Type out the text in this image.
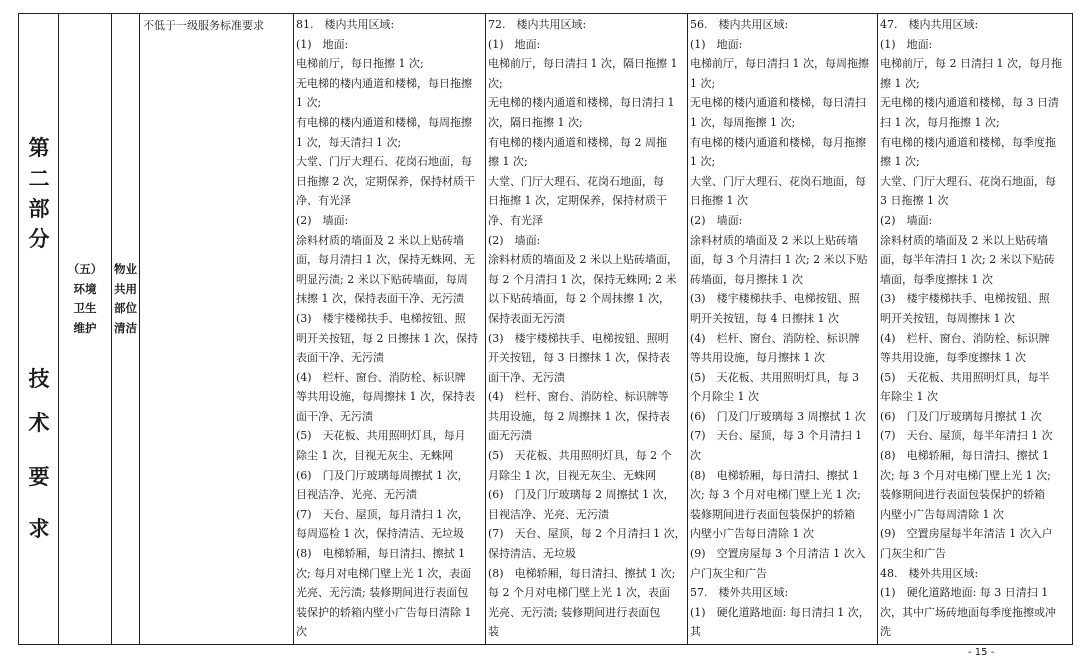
第
二
部
分
技
术
要
求
（五）
环境
卫生
维护
物业
共用
部位
清洁
不低于一级服务标准要求	81.　楼内共用区域:
(1)　地面:
电梯前厅，每日拖擦 1 次;
无电梯的楼内通道和楼梯，每日拖擦
1 次;
有电梯的楼内通道和楼梯，每周拖擦
1 次，每天清扫 1 次;
大堂、门厅大理石、花岗石地面，每
日拖擦 2 次，定期保养，保持材质干
净、有光泽
(2)　墙面:
涂料材质的墙面及 2 米以上贴砖墙
面，每月清扫 1 次，保持无蛛网、无
明显污渍; 2 米以下贴砖墙面，每周
抹擦 1 次，保持表面干净、无污渍
(3)　楼宇楼梯扶手、电梯按钮、照
明开关按钮，每 2 日擦抹 1 次，保持
表面干净、无污渍
(4)　栏杆、窗台、消防栓、标识牌
等共用设施，每周擦抹 1 次，保持表
面干净、无污渍
(5)　天花板、共用照明灯具，每月
除尘 1 次，目视无灰尘、无蛛网
(6)　门及门厅玻璃每周擦拭 1 次，
目视洁净、光亮、无污渍
(7)　天台、屋顶，每月清扫 1 次，
每周巡检 1 次，保持清洁、无垃圾
(8)　电梯轿厢，每日清扫、擦拭 1
次; 每月对电梯门壁上光 1 次，表面
光亮、无污渍; 装修期间进行表面包
装保护的轿箱内壁小广告每日清除 1
次
72.　楼内共用区域:
(1)　地面:
电梯前厅，每日清扫 1 次，隔日拖擦 1
次;
无电梯的楼内通道和楼梯，每日清扫 1
次，隔日拖擦 1 次;
有电梯的楼内通道和楼梯，每 2 周拖
擦 1 次;
大堂、门厅大理石、花岗石地面，每
日拖擦 1 次，定期保养，保持材质干
净、有光泽
(2)　墙面:
涂料材质的墙面及 2 米以上贴砖墙面，
每 2 个月清扫 1 次，保持无蛛网; 2 米
以下贴砖墙面，每 2 个周抹擦 1 次，
保持表面无污渍
(3)　楼宇楼梯扶手、电梯按钮、照明
开关按钮，每 3 日擦抹 1 次，保持表
面干净、无污渍
(4)　栏杆、窗台、消防栓、标识牌等
共用设施，每 2 周擦抹 1 次，保持表
面无污渍
(5)　天花板、共用照明灯具，每 2 个
月除尘 1 次，目视无灰尘、无蛛网
(6)　门及门厅玻璃每 2 周擦拭 1 次，
目视洁净、光亮、无污渍
(7)　天台、屋顶，每 2 个月清扫 1 次，
保持清洁、无垃圾
(8)　电梯轿厢，每日清扫、擦拭 1 次;
每 2 个月对电梯门壁上光 1 次，表面
光亮、无污渍; 装修期间进行表面包
装
56.　楼内共用区域:
(1)　地面:
电梯前厅，每日清扫 1 次，每周拖擦
1 次;
无电梯的楼内通道和楼梯，每日清扫
1 次，每周拖擦 1 次;
有电梯的楼内通道和楼梯，每月拖擦
1 次;
大堂、门厅大理石、花岗石地面，每
日拖擦 1 次
(2)　墙面:
涂料材质的墙面及 2 米以上贴砖墙
面，每 3 个月清扫 1 次; 2 米以下贴
砖墙面，每月擦抹 1 次
(3)　楼宇楼梯扶手、电梯按钮、照
明开关按钮，每 4 日擦抹 1 次
(4)　栏杆、窗台、消防栓、标识牌
等共用设施，每月擦抹 1 次
(5)　天花板、共用照明灯具，每 3
个月除尘 1 次
(6)　门及门厅玻璃每 3 周擦拭 1 次
(7)　天台、屋顶，每 3 个月清扫 1
次
(8)　电梯轿厢，每日清扫、擦拭 1
次; 每 3 个月对电梯门壁上光 1 次;
装修期间进行表面包装保护的轿箱
内壁小广告每日清除 1 次
(9)　空置房屋每 3 个月清洁 1 次入
户门灰尘和广告
57.　楼外共用区域:
(1)　硬化道路地面: 每日清扫 1 次，
其
47.　楼内共用区域:
(1)　地面:
电梯前厅，每 2 日清扫 1 次，每月拖
擦 1 次;
无电梯的楼内通道和楼梯，每 3 日清
扫 1 次，每月拖擦 1 次;
有电梯的楼内通道和楼梯，每季度拖
擦 1 次;
大堂、门厅大理石、花岗石地面，每
3 日拖擦 1 次
(2)　墙面:
涂料材质的墙面及 2 米以上贴砖墙
面，每半年清扫 1 次; 2 米以下贴砖
墙面，每季度擦抹 1 次
(3)　楼宇楼梯扶手、电梯按钮、照
明开关按钮，每周擦抹 1 次
(4)　栏杆、窗台、消防栓、标识牌
等共用设施，每季度擦抹 1 次
(5)　天花板、共用照明灯具，每半
年除尘 1 次
(6)　门及门厅玻璃每月擦拭 1 次
(7)　天台、屋顶，每半年清扫 1 次
(8)　电梯轿厢，每日清扫、擦拭 1
次; 每 3 个月对电梯门壁上光 1 次;
装修期间进行表面包装保护的轿箱
内壁小广告每周清除 1 次
(9)　空置房屋每半年清洁 1 次入户
门灰尘和广告
48.　楼外共用区域:
(1)　硬化道路地面: 每 3 日清扫 1
次，其中广场砖地面每季度拖擦或冲
洗
- 15 -
